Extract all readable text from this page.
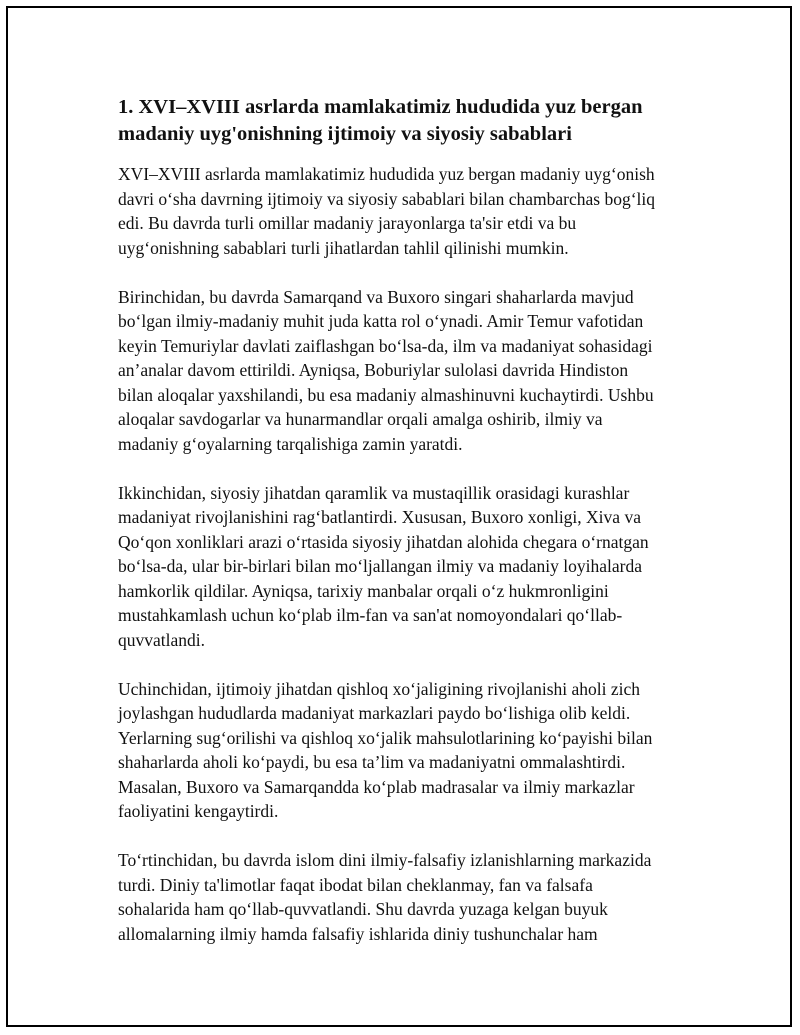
1. XVI–XVIII asrlarda mamlakatimiz hududida yuz bergan
madaniy uyg'onishning ijtimoiy va siyosiy sabablari

XVI–XVIII asrlarda mamlakatimiz hududida yuz bergan madaniy uyg‘onish
davri o‘sha davrning ijtimoiy va siyosiy sabablari bilan chambarchas bog‘liq
edi. Bu davrda turli omillar madaniy jarayonlarga ta'sir etdi va bu
uyg‘onishning sabablari turli jihatlardan tahlil qilinishi mumkin.

Birinchidan, bu davrda Samarqand va Buxoro singari shaharlarda mavjud
bo‘lgan ilmiy-madaniy muhit juda katta rol o‘ynadi. Amir Temur vafotidan
keyin Temuriylar davlati zaiflashgan bo‘lsa-da, ilm va madaniyat sohasidagi
an’analar davom ettirildi. Ayniqsa, Boburiylar sulolasi davrida Hindiston
bilan aloqalar yaxshilandi, bu esa madaniy almashinuvni kuchaytirdi. Ushbu
aloqalar savdogarlar va hunarmandlar orqali amalga oshirib, ilmiy va
madaniy g‘oyalarning tarqalishiga zamin yaratdi.

Ikkinchidan, siyosiy jihatdan qaramlik va mustaqillik orasidagi kurashlar
madaniyat rivojlanishini rag‘batlantirdi. Xususan, Buxoro xonligi, Xiva va
Qo‘qon xonliklari arazi o‘rtasida siyosiy jihatdan alohida chegara o‘rnatgan
bo‘lsa-da, ular bir-birlari bilan mo‘ljallangan ilmiy va madaniy loyihalarda
hamkorlik qildilar. Ayniqsa, tarixiy manbalar orqali o‘z hukmronligini
mustahkamlash uchun ko‘plab ilm-fan va san'at nomoyondalari qo‘llab-
quvvatlandi.

Uchinchidan, ijtimoiy jihatdan qishloq xo‘jaligining rivojlanishi aholi zich
joylashgan hududlarda madaniyat markazlari paydo bo‘lishiga olib keldi.
Yerlarning sug‘orilishi va qishloq xo‘jalik mahsulotlarining ko‘payishi bilan
shaharlarda aholi ko‘paydi, bu esa ta’lim va madaniyatni ommalashtirdi.
Masalan, Buxoro va Samarqandda ko‘plab madrasalar va ilmiy markazlar
faoliyatini kengaytirdi.

To‘rtinchidan, bu davrda islom dini ilmiy-falsafiy izlanishlarning markazida
turdi. Diniy ta'limotlar faqat ibodat bilan cheklanmay, fan va falsafa
sohalarida ham qo‘llab-quvvatlandi. Shu davrda yuzaga kelgan buyuk
allomalarning ilmiy hamda falsafiy ishlarida diniy tushunchalar ham
